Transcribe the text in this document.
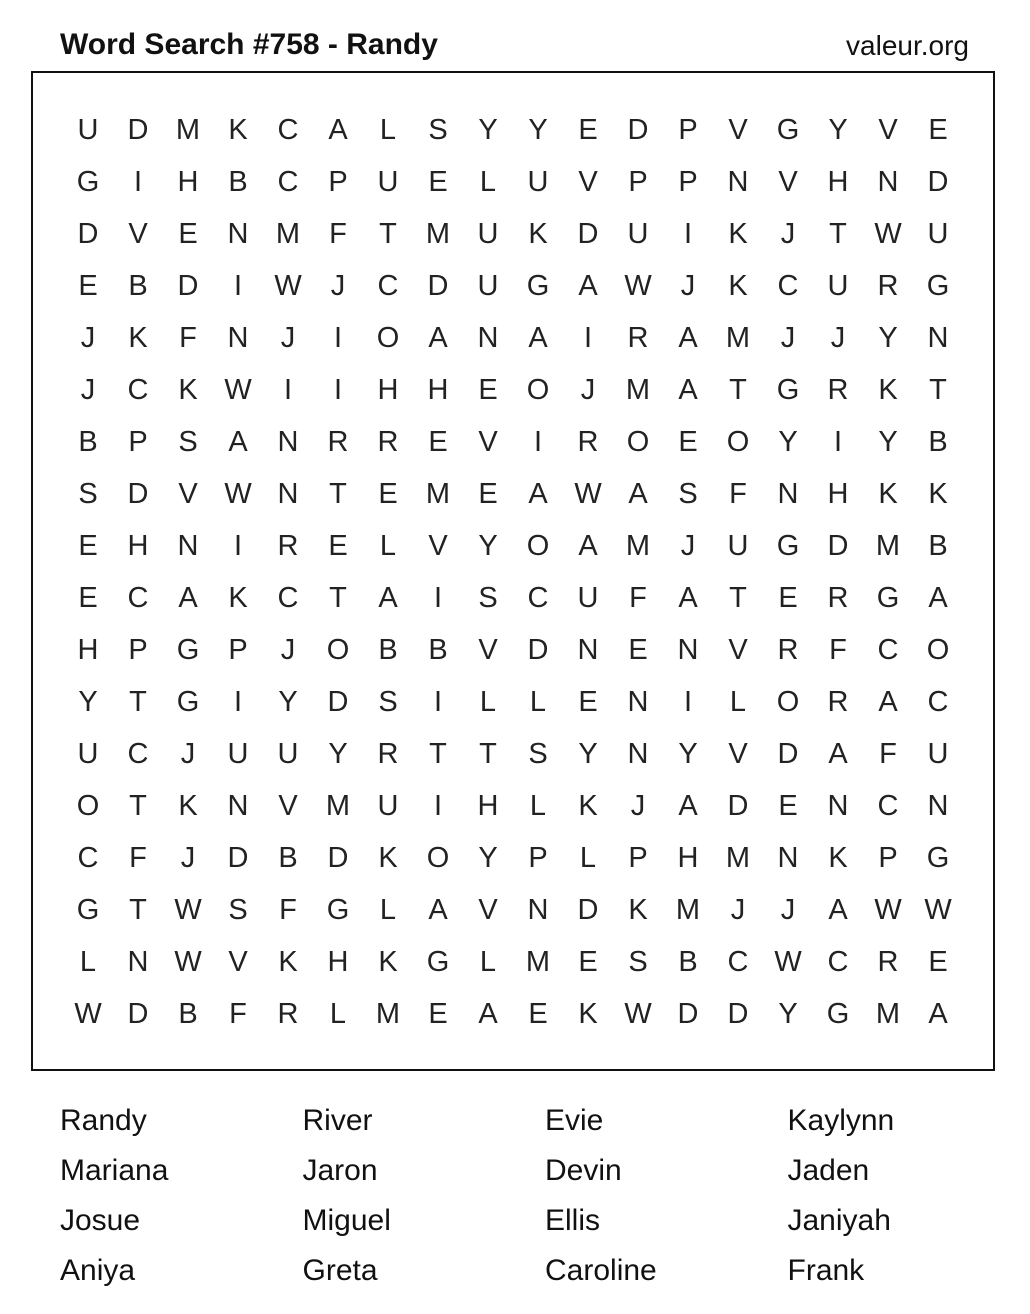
Word Search #758 - Randy	valeur.org
U	D M K	C	A	L	S	Y	Y	E	D	P	V	G	Y	V	E
G	I	H	B	C	P	U	E	L	U	V	P	P	N	V	H	N	D
D	V	E	N M	F	T	M U	K	D	U	I	K	J	T W U
E	B	D	I	W	J	C	D	U G	A W	J	K	C	U	R G
J	K	F	N	J	I	O	A	N	A	I	R	A M	J	J	Y	N
J	C	K W	I	I	H	H	E	O	J	M A	T	G R	K	T
B	P	S	A	N	R	R	E	V	I	R O	E	O	Y	I	Y	B
S	D	V W N	T	E M E	A W A	S	F	N	H	K	K
E	H	N	I	R	E	L	V	Y	O	A M	J	U G D M B
E	C	A	K	C	T	A	I	S	C	U	F	A	T	E	R G	A
H	P	G	P	J	O	B	B	V	D	N	E	N	V	R	F	C O
Y	T	G	I	Y	D	S	I	L	L	E	N	I	L	O R	A	C
U	C	J	U	U	Y	R	T	T	S	Y	N	Y	V	D	A	F	U
O	T	K	N	V M U	I	H	L	K	J	A	D	E	N	C	N
C	F	J	D	B	D	K	O	Y	P	L	P	H M N	K	P	G
G	T W S	F	G	L	A	V	N	D	K M	J	J	A W W
L	N W V	K	H	K	G	L	M E	S	B	C W C	R	E
W D	B	F	R	L	M E	A	E	K W D	D	Y	G M A
Randy	River	Evie	Kaylynn
Mariana	Jaron	Devin	Jaden
Josue	Miguel	Ellis	Janiyah
Aniya	Greta	Caroline	Frank
